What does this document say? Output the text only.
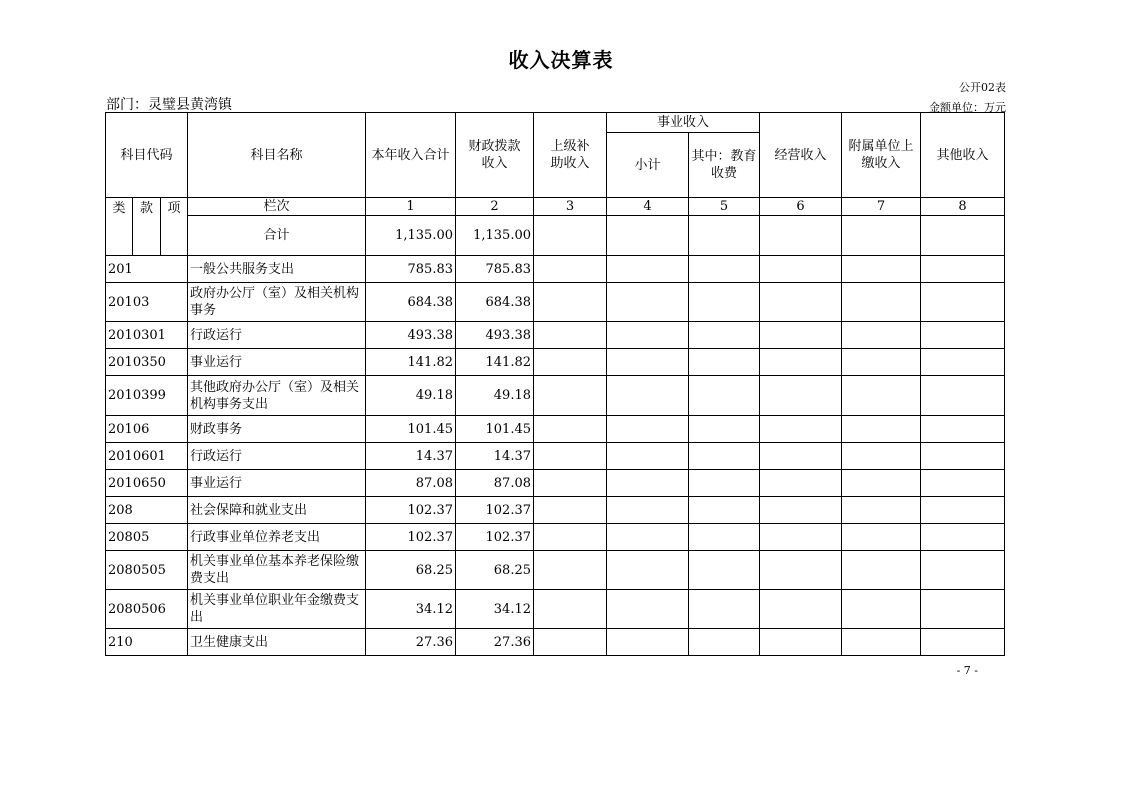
收入决算表
公开02表
部门：灵璧县黄湾镇	金额单位：万元
科目代码			科目名称	本年收入合计	财政拨款收入	上级补助收入	事业收入		经营收入	附属单位上缴收入	其他收入
							小计	其中：教育收费			
类	款	项	栏次	1	2	3	4	5	6	7	8
			合计	1,135.00	1,135.00						
201			一般公共服务支出	785.83	785.83						
20103			政府办公厅（室）及相关机构事务	684.38	684.38						
2010301			行政运行	493.38	493.38						
2010350			事业运行	141.82	141.82						
2010399			其他政府办公厅（室）及相关机构事务支出	49.18	49.18						
20106			财政事务	101.45	101.45						
2010601			行政运行	14.37	14.37						
2010650			事业运行	87.08	87.08						
208			社会保障和就业支出	102.37	102.37						
20805			行政事业单位养老支出	102.37	102.37						
2080505			机关事业单位基本养老保险缴费支出	68.25	68.25						
2080506			机关事业单位职业年金缴费支出	34.12	34.12						
210			卫生健康支出	27.36	27.36						
- 7 -
